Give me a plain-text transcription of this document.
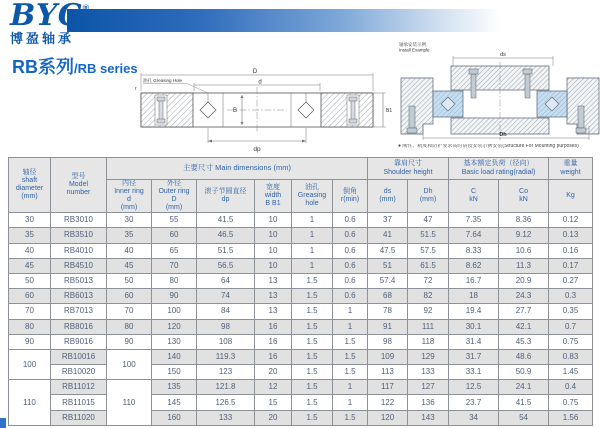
BYC®
博盈轴承
RB系列/RB series	D
d
油孔 Greasing Hole
r
B	B1
dp
轴承安装示例
Install Example
ds
Dh
● 刚性、精度和防护要求高时请按安装示例安装(Structure For Mounting purposes)
轴径
shaft
diameter
(mm)	型号
Model
number	主要尺寸 Main dimensions (mm)						靠肩尺寸
Shoulder height		基本额定负荷（径向）
Basic load rating(radial)		重量
weight

		内径
Inner ring
d
(mm)	外径
Outer ring
D
(mm)	滚子节圆直径
dp	宽度
width
B B1	油孔
Greasing
hole	倒角
r(min)	ds
(mm)	Dh
(mm)	C
kN	Co
kN	Kg
30	RB3010	30	55	41.5	10	1	0.6	37	47	7.35	8.36	0.12
35	RB3510	35	60	46.5	10	1	0.6	41	51.5	7.64	9.12	0.13
40	RB4010	40	65	51.5	10	1	0.6	47.5	57.5	8.33	10.6	0.16
45	RB4510	45	70	56.5	10	1	0.6	51	61.5	8.62	11.3	0.17
50	RB5013	50	80	64	13	1.5	0.6	57.4	72	16.7	20.9	0.27
60	RB6013	60	90	74	13	1.5	0.6	68	82	18	24.3	0.3
70	RB7013	70	100	84	13	1.5	1	78	92	19.4	27.7	0.35
80	RB8016	80	120	98	16	1.5	1	91	111	30.1	42.1	0.7
90	RB9016	90	130	108	16	1.5	1.5	98	118	31.4	45.3	0.75
100	RB10016	100	140	119.3	16	1.5	1.5	109	129	31.7	48.6	0.83
	RB10020		150	123	20	1.5	1.5	113	133	33.1	50.9	1.45
110	RB11012	110	135	121.8	12	1.5	1	117	127	12.5	24.1	0.4
	RB11015		145	126.5	15	1.5	1	122	136	23.7	41.5	0.75
	RB11020		160	133	20	1.5	1.5	120	143	34	54	1.56
